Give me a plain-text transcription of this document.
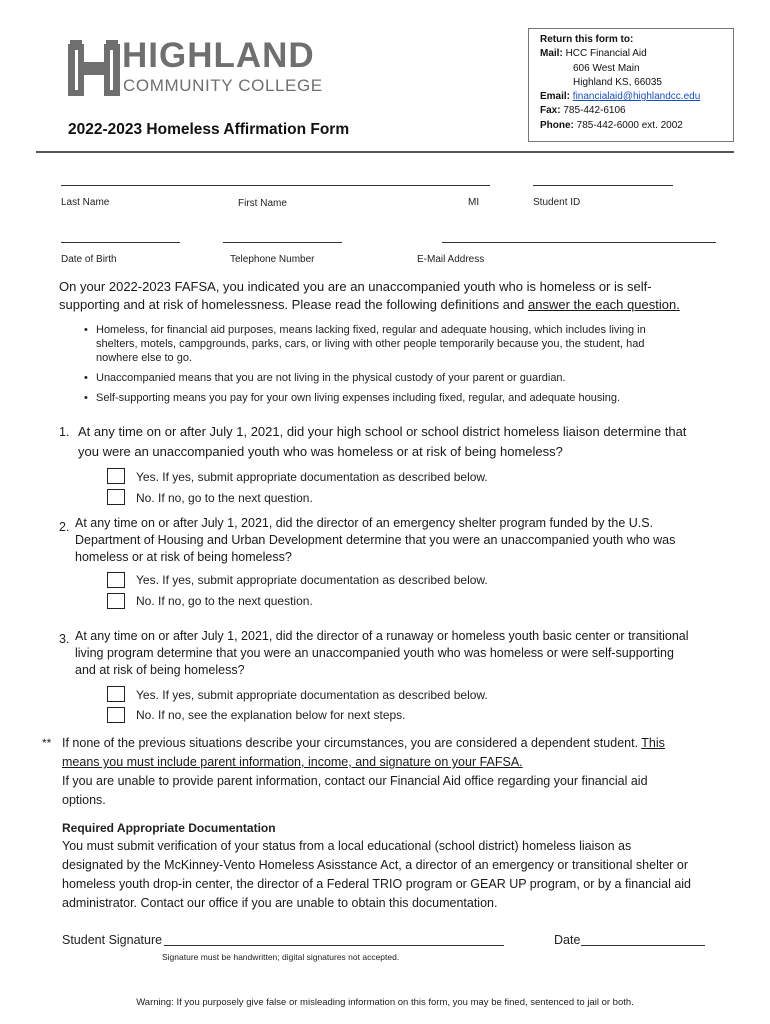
HIGHLAND
COMMUNITY COLLEGE
2022-2023 Homeless Affirmation Form
Return this form to:
Mail: HCC Financial Aid
606 West Main
Highland KS, 66035
Email: financialaid@highlandcc.edu
Fax: 785-442-6106
Phone: 785-442-6000 ext. 2002
Last Name	First Name	MI	Student ID
Date of Birth	Telephone Number	E-Mail Address
On your 2022-2023 FAFSA, you indicated you are an unaccompanied youth who is homeless or is self-
supporting and at risk of homelessness. Please read the following definitions and answer the each question.
• Homeless, for financial aid purposes, means lacking fixed, regular and adequate housing, which includes living in
shelters, motels, campgrounds, parks, cars, or living with other people temporarily because you, the student, had
nowhere else to go.
• Unaccompanied means that you are not living in the physical custody of your parent or guardian.
• Self-supporting means you pay for your own living expenses including fixed, regular, and adequate housing.
1. At any time on or after July 1, 2021, did your high school or school district homeless liaison determine that
you were an unaccompanied youth who was homeless or at risk of being homeless?
Yes. If yes, submit appropriate documentation as described below.
No. If no, go to the next question.
2. At any time on or after July 1, 2021, did the director of an emergency shelter program funded by the U.S.
Department of Housing and Urban Development determine that you were an unaccompanied youth who was
homeless or at risk of being homeless?
Yes. If yes, submit appropriate documentation as described below.
No. If no, go to the next question.
3. At any time on or after July 1, 2021, did the director of a runaway or homeless youth basic center or transitional
living program determine that you were an unaccompanied youth who was homeless or were self-supporting
and at risk of being homeless?
Yes. If yes, submit appropriate documentation as described below.
No. If no, see the explanation below for next steps.
** If none of the previous situations describe your circumstances, you are considered a dependent student. This
means you must include parent information, income, and signature on your FAFSA.
If you are unable to provide parent information, contact our Financial Aid office regarding your financial aid
options.
Required Appropriate Documentation
You must submit verification of your status from a local educational (school district) homeless liaison as
designated by the McKinney-Vento Homeless Asisstance Act, a director of an emergency or transitional shelter or
homeless youth drop-in center, the director of a Federal TRIO program or GEAR UP program, or by a financial aid
administrator. Contact our office if you are unable to obtain this documentation.
Student Signature	Date
Signature must be handwritten; digital signatures not accepted.
Warning: If you purposely give false or misleading information on this form, you may be fined, sentenced to jail or both.
